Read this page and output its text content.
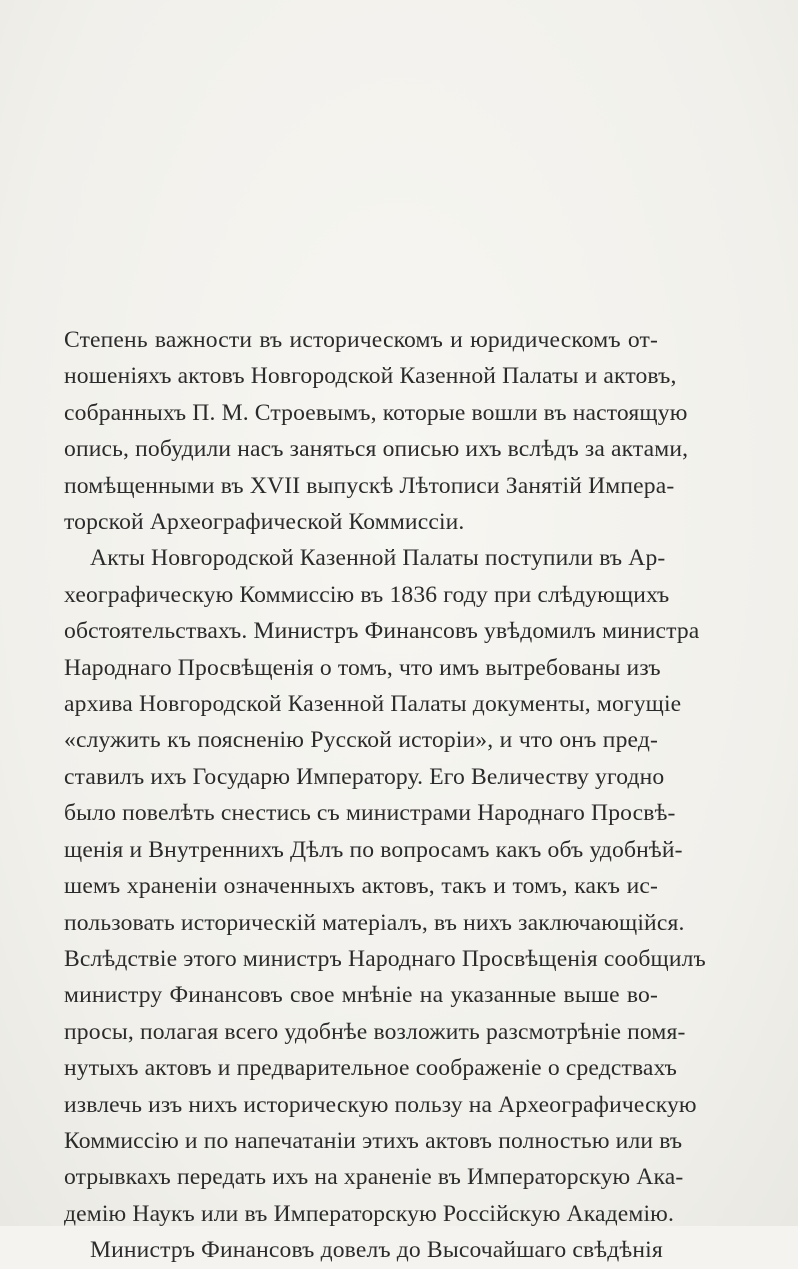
Степень важности въ историческомъ и юридическомъ от-
ношеніяхъ актовъ Новгородской Казенной Палаты и актовъ,
собранныхъ П. М. Строевымъ, которые вошли въ настоящую
опись, побудили насъ заняться описью ихъ вслѣдъ за актами,
помѣщенными въ XVII выпускѣ Лѣтописи Занятій Импера-
торской Археографической Коммиссіи.
Акты Новгородской Казенной Палаты поступили въ Ар-
хеографическую Коммиссію въ 1836 году при слѣдующихъ
обстоятельствахъ. Министръ Финансовъ увѣдомилъ министра
Народнаго Просвѣщенія о томъ, что имъ вытребованы изъ
архива Новгородской Казенной Палаты документы, могущіе
«служить къ поясненію Русской исторіи», и что онъ пред-
ставилъ ихъ Государю Императору. Его Величеству угодно
было повелѣть снестись съ министрами Народнаго Просвѣ-
щенія и Внутреннихъ Дѣлъ по вопросамъ какъ объ удобнѣй-
шемъ храненіи означенныхъ актовъ, такъ и томъ, какъ ис-
пользовать историческій матеріалъ, въ нихъ заключающійся.
Вслѣдствіе этого министръ Народнаго Просвѣщенія сообщилъ
министру Финансовъ свое мнѣніе на указанные выше во-
просы, полагая всего удобнѣе возложить разсмотрѣніе помя-
нутыхъ актовъ и предварительное соображеніе о средствахъ
извлечь изъ нихъ историческую пользу на Археографическую
Коммиссію и по напечатаніи этихъ актовъ полностью или въ
отрывкахъ передать ихъ на храненіе въ Императорскую Ака-
демію Наукъ или въ Императорскую Россійскую Академію.
Министръ Финансовъ довелъ до Высочайшаго свѣдѣнія
